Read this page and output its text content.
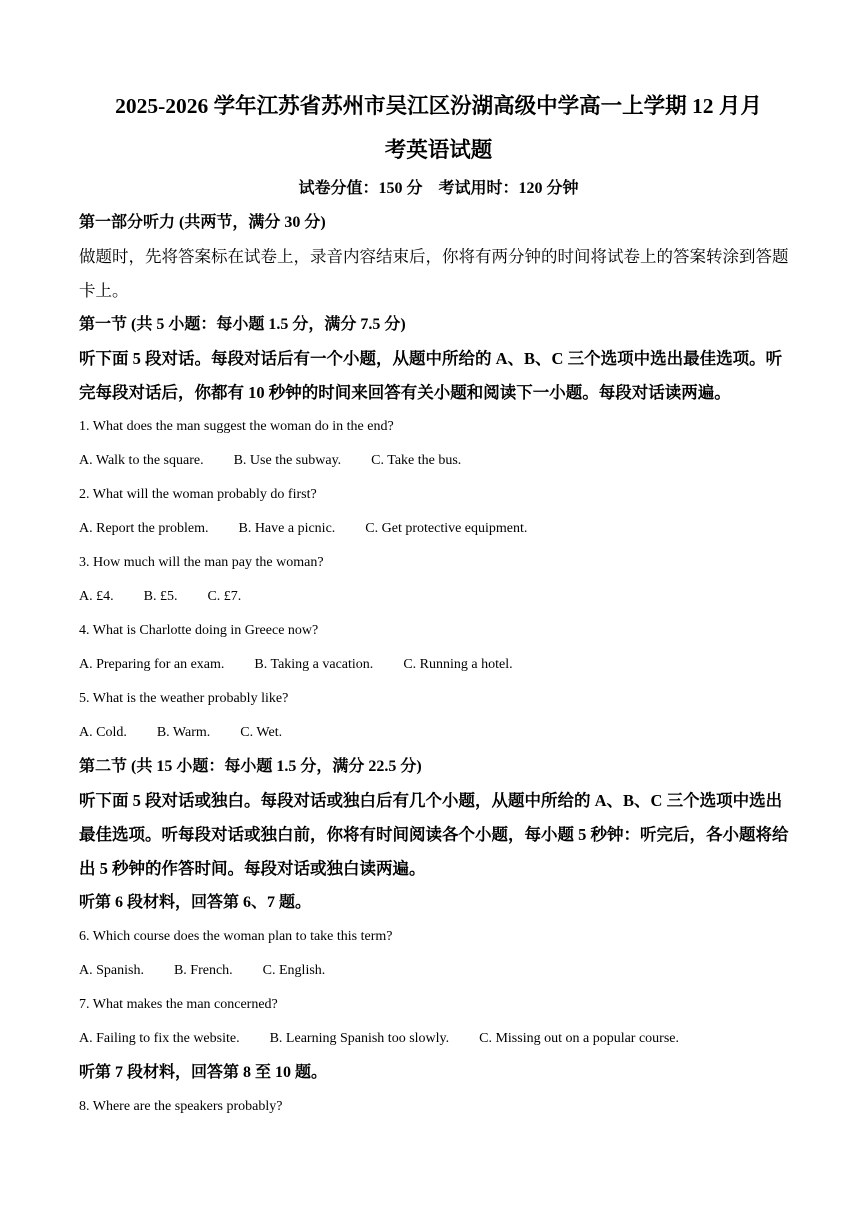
2025-2026 学年江苏省苏州市吴江区汾湖高级中学高一上学期 12 月月

考英语试题

试卷分值：150 分　考试用时：120 分钟

第一部分听力 (共两节，满分 30 分)

做题时，先将答案标在试卷上，录音内容结束后，你将有两分钟的时间将试卷上的答案转涂到答题卡上。

第一节 (共 5 小题：每小题 1.5 分，满分 7.5 分)

听下面 5 段对话。每段对话后有一个小题，从题中所给的 A、B、C 三个选项中选出最佳选项。听完每段对话后，你都有 10 秒钟的时间来回答有关小题和阅读下一小题。每段对话读两遍。

1. What does the man suggest the woman do in the end?

A. Walk to the square. B. Use the subway. C. Take the bus.

2. What will the woman probably do first?

A. Report the problem. B. Have a picnic. C. Get protective equipment.

3. How much will the man pay the woman?

A. £4. B. £5. C. £7.

4. What is Charlotte doing in Greece now?

A. Preparing for an exam. B. Taking a vacation. C. Running a hotel.

5. What is the weather probably like?

A. Cold. B. Warm. C. Wet.

第二节 (共 15 小题：每小题 1.5 分，满分 22.5 分)

听下面 5 段对话或独白。每段对话或独白后有几个小题，从题中所给的 A、B、C 三个选项中选出最佳选项。听每段对话或独白前，你将有时间阅读各个小题，每小题 5 秒钟：听完后，各小题将给出 5 秒钟的作答时间。每段对话或独白读两遍。

听第 6 段材料，回答第 6、7 题。

6. Which course does the woman plan to take this term?

A. Spanish. B. French. C. English.

7. What makes the man concerned?

A. Failing to fix the website. B. Learning Spanish too slowly. C. Missing out on a popular course.

听第 7 段材料，回答第 8 至 10 题。

8. Where are the speakers probably?
